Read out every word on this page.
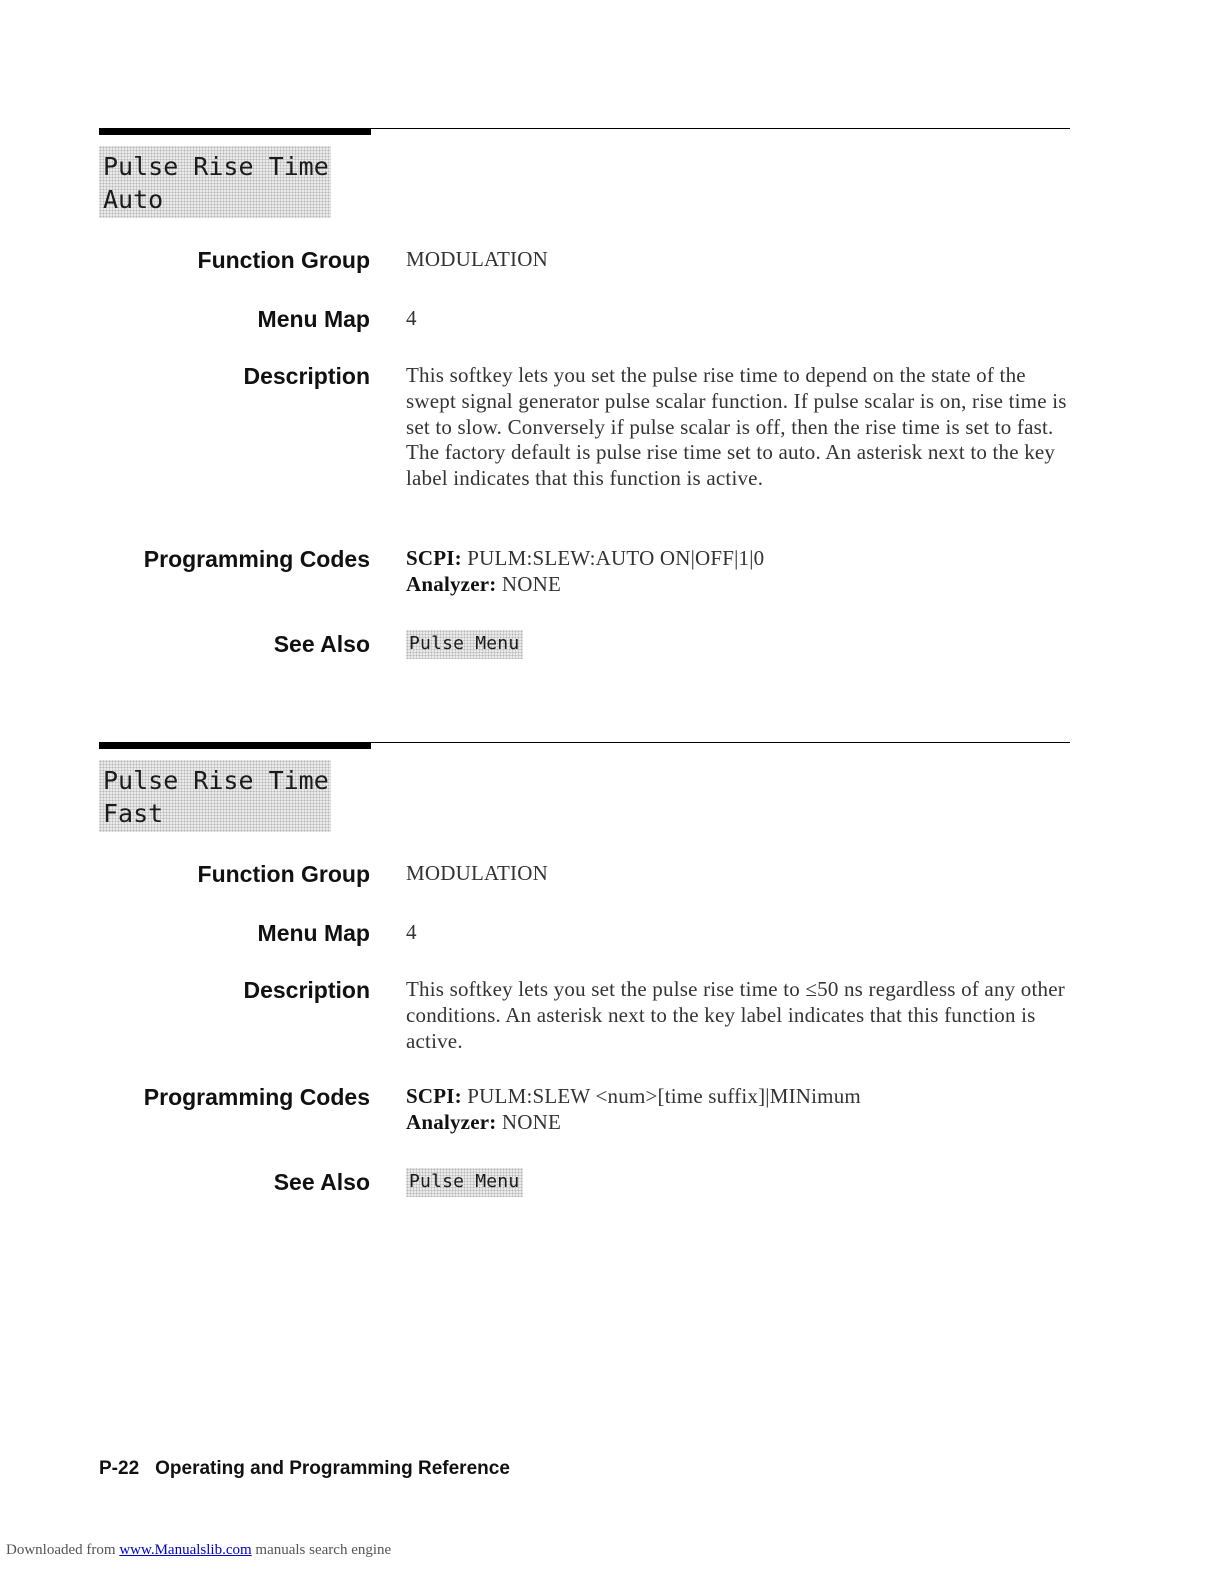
Pulse Rise Time
Auto
Function Group MODULATION
Menu Map 4
Description This softkey lets you set the pulse rise time to depend on the state of the swept signal generator pulse scalar function. If pulse scalar is on, rise time is set to slow. Conversely if pulse scalar is off, then the rise time is set to fast. The factory default is pulse rise time set to auto. An asterisk next to the key label indicates that this function is active.
Programming Codes SCPI: PULM:SLEW:AUTO ON|OFF|1|0
Analyzer: NONE
See Also Pulse Menu
Pulse Rise Time
Fast
Function Group MODULATION
Menu Map 4
Description This softkey lets you set the pulse rise time to ≤50 ns regardless of any other conditions. An asterisk next to the key label indicates that this function is active.
Programming Codes SCPI: PULM:SLEW <num>[time suffix]|MINimum
Analyzer: NONE
See Also Pulse Menu
P-22 Operating and Programming Reference
Downloaded from www.Manualslib.com manuals search engine
